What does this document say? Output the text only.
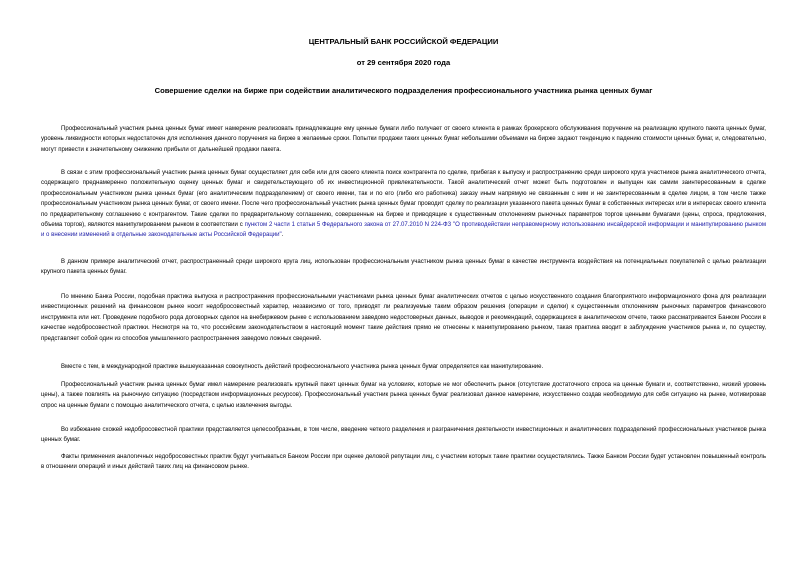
ЦЕНТРАЛЬНЫЙ БАНК РОССИЙСКОЙ ФЕДЕРАЦИИ

от 29 сентября 2020 года

Совершение сделки на бирже при содействии аналитического подразделения профессионального участника рынка ценных бумаг

Профессиональный участник рынка ценных бумаг имеет намерение реализовать принадлежащие ему ценные бумаги либо получает от своего клиента в рамках брокерского обслуживания поручение на реализацию крупного пакета ценных бумаг, уровень ликвидности которых недостаточен для исполнения данного поручения на бирже в желаемые сроки. Попытки продажи таких ценных бумаг небольшими объемами на бирже задают тенденцию к падению стоимости ценных бумаг, и, следовательно, могут привести к значительному снижению прибыли от дальнейшей продажи пакета.

В связи с этим профессиональный участник рынка ценных бумаг осуществляет для себя или для своего клиента поиск контрагента по сделке, прибегая к выпуску и распространению среди широкого круга участников рынка аналитического отчета, содержащего преднамеренно положительную оценку ценных бумаг и свидетельствующего об их инвестиционной привлекательности. Такой аналитический отчет может быть подготовлен и выпущен как самим заинтересованным в сделке профессиональным участником рынка ценных бумаг (его аналитическим подразделением) от своего имени, так и по его (либо его работника) заказу иным напрямую не связанным с ним и не заинтересованным в сделке лицом, в том числе также профессиональным участником рынка ценных бумаг, от своего имени. После чего профессиональный участник рынка ценных бумаг проводит сделку по реализации указанного пакета ценных бумаг в собственных интересах или в интересах своего клиента по предварительному соглашению с контрагентом. Такие сделки по предварительному соглашению, совершенные на бирже и приводящие к существенным отклонениям рыночных параметров торгов ценными бумагами (цены, спроса, предложения, объема торгов), являются манипулированием рынком в соответствии с пунктом 2 части 1 статьи 5 Федерального закона от 27.07.2010 N 224-ФЗ "О противодействии неправомерному использованию инсайдерской информации и манипулированию рынком и о внесении изменений в отдельные законодательные акты Российской Федерации".

В данном примере аналитический отчет, распространенный среди широкого круга лиц, использован профессиональным участником рынка ценных бумаг в качестве инструмента воздействия на потенциальных покупателей с целью реализации крупного пакета ценных бумаг.

По мнению Банка России, подобная практика выпуска и распространения профессиональными участниками рынка ценных бумаг аналитических отчетов с целью искусственного создания благоприятного информационного фона для реализации инвестиционных решений на финансовом рынке носит недобросовестный характер, независимо от того, приводят ли реализуемые таким образом решения (операции и сделки) к существенным отклонениям рыночных параметров финансового инструмента или нет. Проведение подобного рода договорных сделок на внебиржевом рынке с использованием заведомо недостоверных данных, выводов и рекомендаций, содержащихся в аналитическом отчете, также рассматривается Банком России в качестве недобросовестной практики. Несмотря на то, что российским законодательством в настоящий момент такие действия прямо не отнесены к манипулированию рынком, такая практика вводит в заблуждение участников рынка и, по существу, представляет собой один из способов умышленного распространения заведомо ложных сведений.

Вместе с тем, в международной практике вышеуказанная совокупность действий профессионального участника рынка ценных бумаг определяется как манипулирование.

Профессиональный участник рынка ценных бумаг имел намерение реализовать крупный пакет ценных бумаг на условиях, которые не мог обеспечить рынок (отсутствие достаточного спроса на ценные бумаги и, соответственно, низкий уровень цены), а также повлиять на рыночную ситуацию (посредством информационных ресурсов). Профессиональный участник рынка ценных бумаг реализовал данное намерение, искусственно создав необходимую для себя ситуацию на рынке, мотивировав спрос на ценные бумаги с помощью аналитического отчета, с целью извлечения выгоды.

Во избежание схожей недобросовестной практики представляется целесообразным, в том числе, введение четкого разделения и разграничения деятельности инвестиционных и аналитических подразделений профессиональных участников рынка ценных бумаг.

Факты применения аналогичных недобросовестных практик будут учитываться Банком России при оценке деловой репутации лиц, с участием которых такие практики осуществлялись. Также Банком России будет установлен повышенный контроль в отношении операций и иных действий таких лиц на финансовом рынке.
